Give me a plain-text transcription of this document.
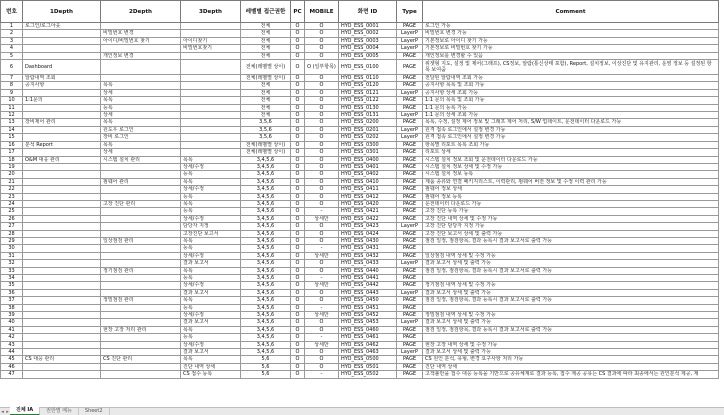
번호	1Depth	2Depth	3Depth	레벨별 접근권한	PC	MOBILE	화면 ID	Type	Comment
1	로그인/로그아웃			전체	O	O	HYO_ESS_0001	PAGE	로그인 가능
2		비밀번호 변경		전체	O	O	HYO_ESS_0002	LayerP	비밀번호 변경 가능
3		아이디/비밀번호 찾기	아이디찾기	전체	O	O	HYO_ESS_0003	LayerP	기본정보로 아이디 찾기 가능
4			비밀번호찾기	전체	O	O	HYO_ESS_0004	LayerP	기본정보로 비밀번호 찾기 가능
5		개인정보 변경		전체	O	O	HYO_ESS_0005	PAGE	개인정보를 변경할 수 있음
6	Dashboard			전체(레벨별 상이)	O	O (일부항목)	HYO_ESS_0100	PAGE	위젯형 지도, 설정 및 제어(그래프), CS정보, 알람(통신상태 포함), Report, 설치정보, 이상진단 및 유지관리, 운영 정보 등 설정된 항목 보여줌
7	알람내역 조회			전체(레벨별 상이)	O	O	HYO_ESS_0110	PAGE	전달된 알람내역 조회 가능
8	공지사항	목록		전체	O	O	HYO_ESS_0120	PAGE	공지사항 목록 및 조회 가능
9		상세		전체	O	O	HYO_ESS_0121	LayerP	공지사항 상세 조회 가능
10	1:1문의	목록		전체	O	O	HYO_ESS_0122	PAGE	1:1 문의 목록 및 조회 가능
11		등록		전체	O	O	HYO_ESS_0130	PAGE	1:1 문의 등록 가능
12		상세		전체	O	O	HYO_ESS_0131	LayerP	1:1 문의 상세 조회 가능
13	장비제어 관리	목록		3,5,6	O	O	HYO_ESS_0200	PAGE	목록, 수정, 설정 제어 정보 및 그래프 제어 처리, S/W 업데이트, 운전데이터 다운로드 가능
14		원도우 로그인		3,5,6	O	O	HYO_ESS_0201	LayerP	원격 접속 로그인에서 설정 변경 가능
15		장비 로그인		3,5,6	O	O	HYO_ESS_0202	LayerP	원격 접속 로그인에서 설정 변경 가능
16	분석 Report	목록		전체(레벨별 상이)	O	O	HYO_ESS_0300	PAGE	항목별 리포트 목록 조회 가능
17		상세		전체(레벨별 상이)	O	O	HYO_ESS_0301	PAGE	리포트 상세
18	O&M 대응 관리	시스템 설치 관리	목록	3,4,5,6	O	O	HYO_ESS_0400	PAGE	시스템 설치 정보 조회 및 운전데이터 다운로드 가능
19			상세/수정	3,4,5,6	O	O	HYO_ESS_0401	PAGE	시스템 설치 정보 상세 및 수정 가능
20			등록	3,4,5,6	O	O	HYO_ESS_0402	PAGE	시스템 설치 정보 등록
21		펌웨어 관리	목록	3,4,5,6	O	O	HYO_ESS_0410	PAGE	제품 종류와 연결 페키지리스트, 이력관리, 펌웨어 버전 정보 및 수정 이력 관리 가능
22			상세/수정	3,4,5,6	O	O	HYO_ESS_0411	PAGE	펌웨어 정보 상세
23			등록	3,4,5,6	O	O	HYO_ESS_0412	PAGE	펌웨어 정보 등록
24		고장 진단 관리	목록	3,4,5,6	O	O	HYO_ESS_0420	PAGE	운전데이터 다운로드 가능
25			등록	3,4,5,6	O	-	HYO_ESS_0421	PAGE	고장 진단 등록 가능
26			상세/수정	3,4,5,6	O	상세만	HYO_ESS_0422	PAGE	고장 진단 내역 상세 및 수정 가능
27			담당자 지정	3,4,5,6	O	O	HYO_ESS_0423	LayerP	고장 진단 담당자 지정 가능
28			고장진단 보고서	3,4,5,6	O	O	HYO_ESS_0424	PAGE	고장 진단 보고서 상세 및 출력 가능
29		일상점검 관리	목록	3,4,5,6	O	O	HYO_ESS_0430	PAGE	점검 일정, 점검항목, 결과 등록시 결과 보고서로 출력 가능
30			등록	3,4,5,6	O	-	HYO_ESS_0431	PAGE	
31			상세/수정	3,4,5,6	O	상세만	HYO_ESS_0432	PAGE	일상점검 내역 상세 및 수정 가능
32			결과 보고서	3,4,5,6	O	O	HYO_ESS_0433	LayerP	결과 보고서 상세 및 출력 가능
33		정기점검 관리	목록	3,4,5,6	O	O	HYO_ESS_0440	PAGE	점검 일정, 점검항목, 결과 등록시 결과 보고서로 출력 가능
34			등록	3,4,5,6	O	-	HYO_ESS_0441	PAGE	
35			상세/수정	3,4,5,6	O	상세만	HYO_ESS_0442	PAGE	정기점검 내역 상세 및 수정 가능
36			결과 보고서	3,4,5,6	O	O	HYO_ESS_0443	LayerP	결과 보고서 상세 및 출력 가능
37		정밀점검 관리	목록	3,4,5,6	O	O	HYO_ESS_0450	PAGE	점검 일정, 점검항목, 결과 등록시 결과 보고서로 출력 가능
38			등록	3,4,5,6	O	-	HYO_ESS_0451	PAGE	
39			상세/수정	3,4,5,6	O	상세만	HYO_ESS_0452	PAGE	정밀점검 내역 상세 및 수정 가능
40			결과 보고서	3,4,5,6	O	O	HYO_ESS_0453	LayerP	결과 보고서 상세 및 출력 가능
41		현장 고장 처리 관리	목록	3,4,5,6	O	O	HYO_ESS_0460	PAGE	점검 일정, 점검항목, 결과 등록시 결과 보고서로 출력 가능
42			등록	3,4,5,6	O	-	HYO_ESS_0461	PAGE	
43			상세/수정	3,4,5,6	O	상세만	HYO_ESS_0462	PAGE	현장 고장 내역 상세 및 수정 가능
44			결과 보고서	3,4,5,6	O	O	HYO_ESS_0463	LayerP	결과 보고서 상세 및 출력 가능
45	CS 대응 관리	CS 진단 관리	목록	5,6	O	O	HYO_ESS_0500	PAGE	CS 원인 분석, 유형, 변경 요구사항 처리 가능
46			진단 내역 상세	5,6	O	O	HYO_ESS_0501	PAGE	진단 내역 상세
47			CS 접수 등록	5,6	O	-	HYO_ESS_0502	PAGE	고객불만을 접수 대응 등록을 기반으로 공유체계로 결과 등록, 접수 제공 공유는 CS 결과에 따라 최종에서는 원인분석 제공, 제
◂ ▸	진체 IA	권한별 메뉴	Sheet2
